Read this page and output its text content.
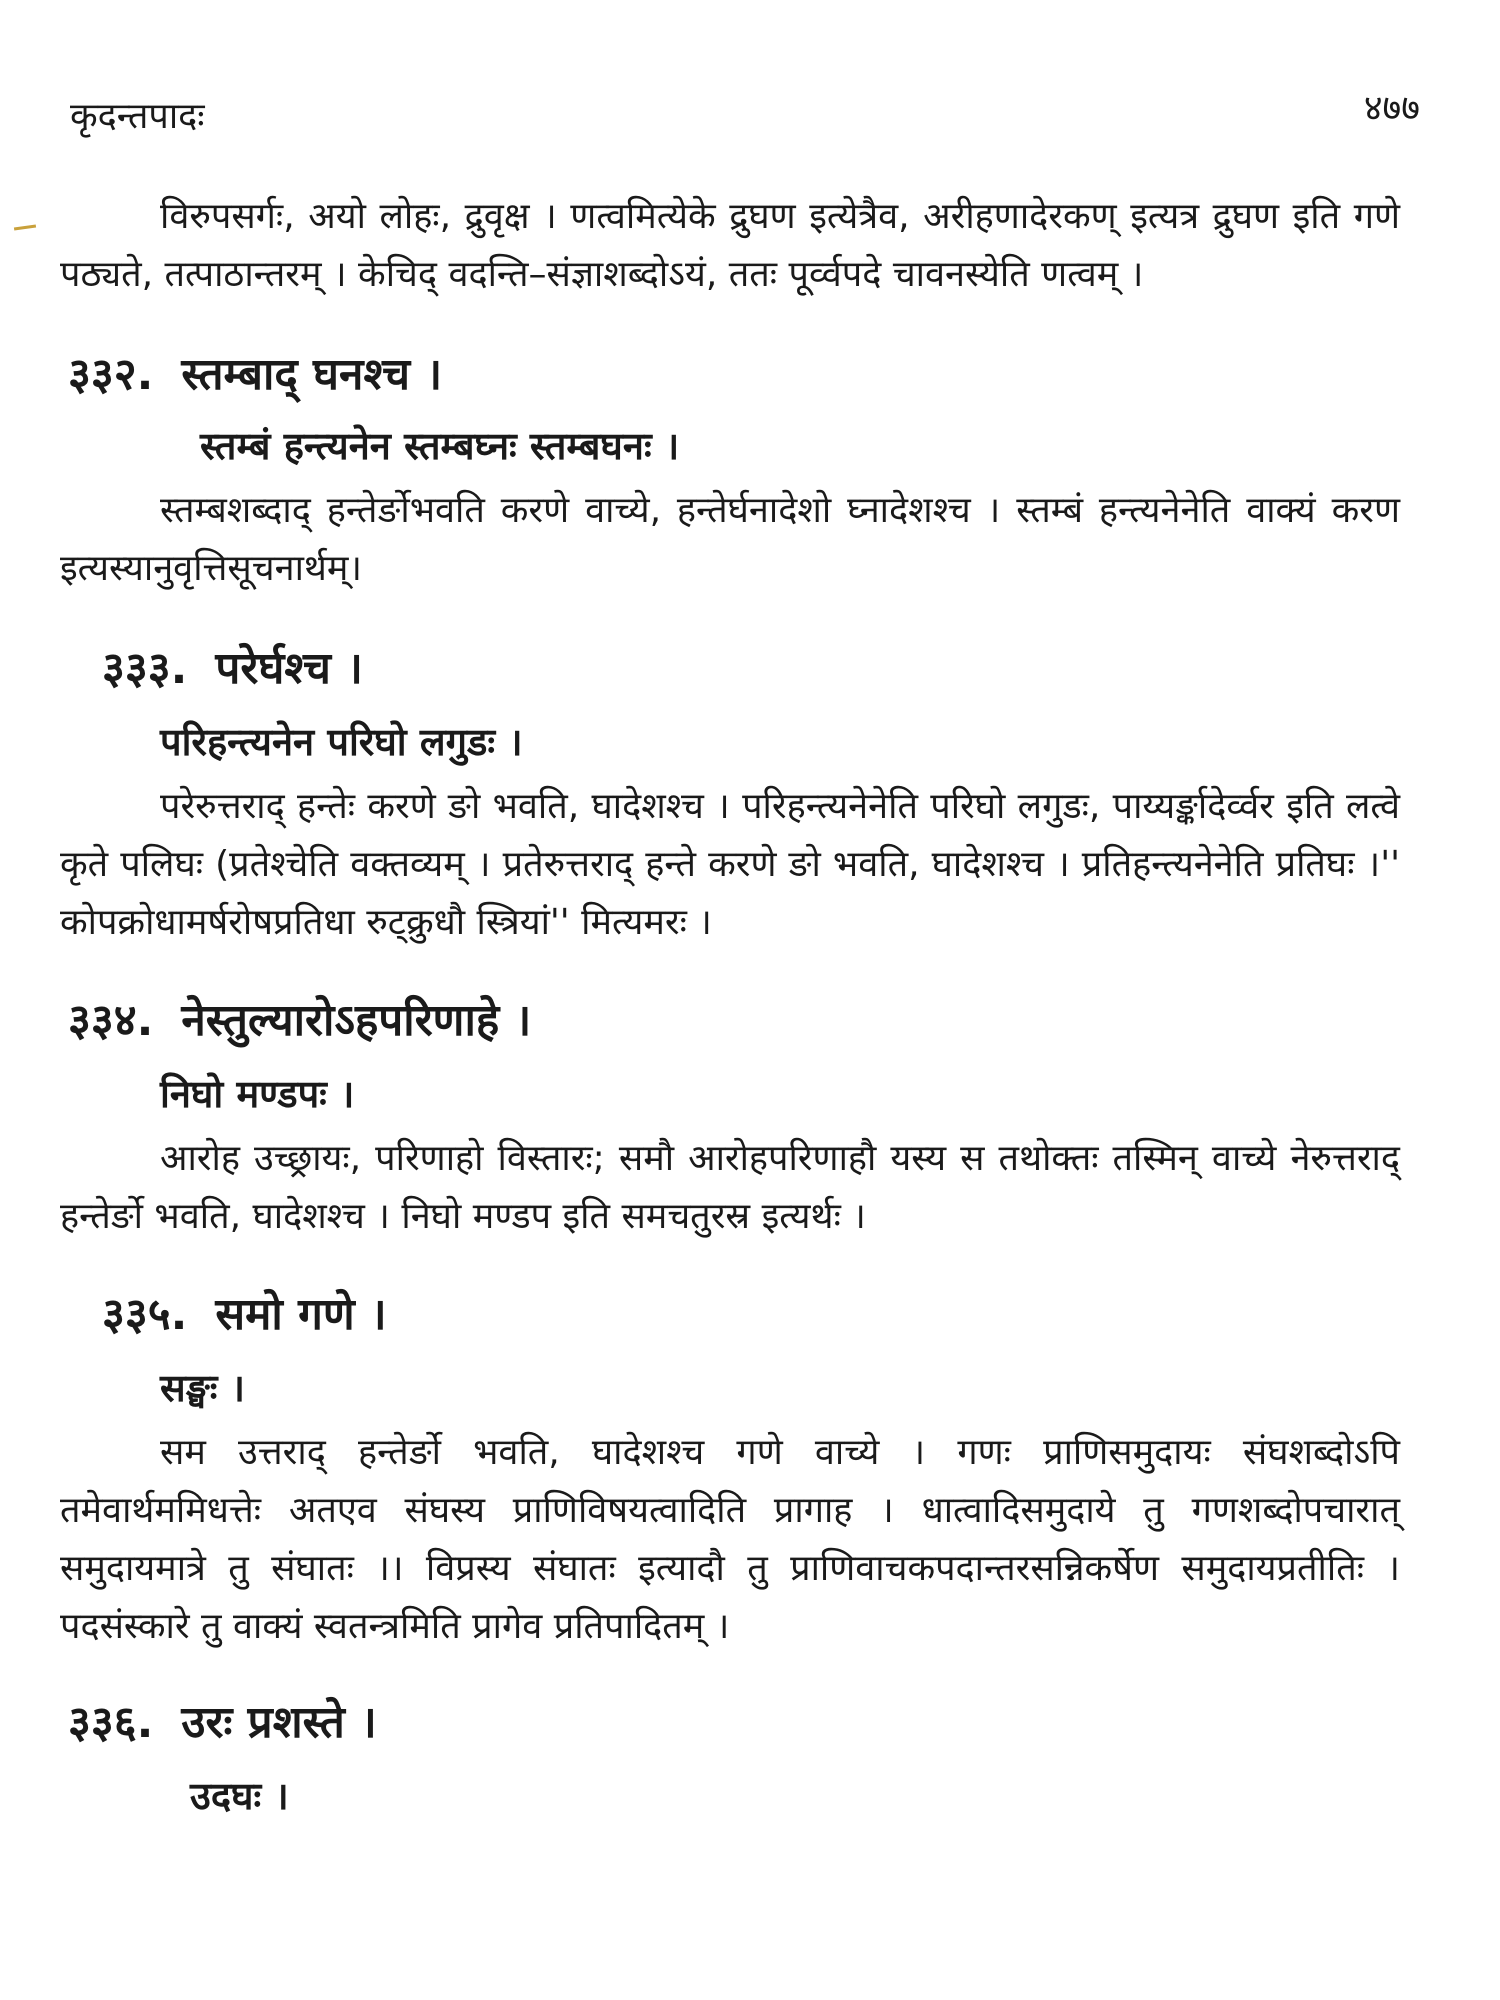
कृदन्तपादः	४७७

विरुपसर्गः, अयो लोहः, द्रुवृक्ष । णत्वमित्येके द्रुघण इत्येत्रैव, अरीहणादेरकण् इत्यत्र द्रुघण इति गणे पठ्यते, तत्पाठान्तरम् । केचिद् वदन्ति–संज्ञाशब्दोऽयं, ततः पूर्व्वपदे चावनस्येति णत्वम् ।

३३२. स्तम्बाद् घनश्च ।

स्तम्बं हन्त्यनेन स्तम्बघ्नः स्तम्बघनः ।

स्तम्बशब्दाद् हन्तेर्ङोभवति करणे वाच्ये, हन्तेर्घनादेशो घ्नादेशश्च । स्तम्बं हन्त्यनेनेति वाक्यं करण इत्यस्यानुवृत्तिसूचनार्थम्।

३३३. परेर्घश्च ।

परिहन्त्यनेन परिघो लगुडः ।

परेरुत्तराद् हन्तेः करणे ङो भवति, घादेशश्च । परिहन्त्यनेनेति परिघो लगुडः, पाय्यर्ङ्कादेर्व्वर इति लत्वे कृते पलिघः (प्रतेश्चेति वक्तव्यम् । प्रतेरुत्तराद् हन्ते करणे ङो भवति, घादेशश्च । प्रतिहन्त्यनेनेति प्रतिघः ।'' कोपक्रोधामर्षरोषप्रतिधा रुट्क्रुधौ स्त्रियां'' मित्यमरः ।

३३४. नेस्तुल्यारोऽहपरिणाहे ।

निघो मण्डपः ।

आरोह उच्छ्रायः, परिणाहो विस्तारः; समौ आरोहपरिणाहौ यस्य स तथोक्तः तस्मिन् वाच्ये नेरुत्तराद् हन्तेर्ङो भवति, घादेशश्च । निघो मण्डप इति समचतुरस्र इत्यर्थः ।

३३५. समो गणे ।

सङ्घः ।

सम उत्तराद् हन्तेर्ङो भवति, घादेशश्च गणे वाच्ये । गणः प्राणिसमुदायः संघशब्दोऽपि तमेवार्थममिधत्तेः अतएव संघस्य प्राणिविषयत्वादिति प्रागाह । धात्वादिसमुदाये तु गणशब्दोपचारात् समुदायमात्रे तु संघातः ।। विप्रस्य संघातः इत्यादौ तु प्राणिवाचकपदान्तरसन्निकर्षेण समुदायप्रतीतिः । पदसंस्कारे तु वाक्यं स्वतन्त्रमिति प्रागेव प्रतिपादितम् ।

३३६. उरः प्रशस्ते ।

उदघः ।
